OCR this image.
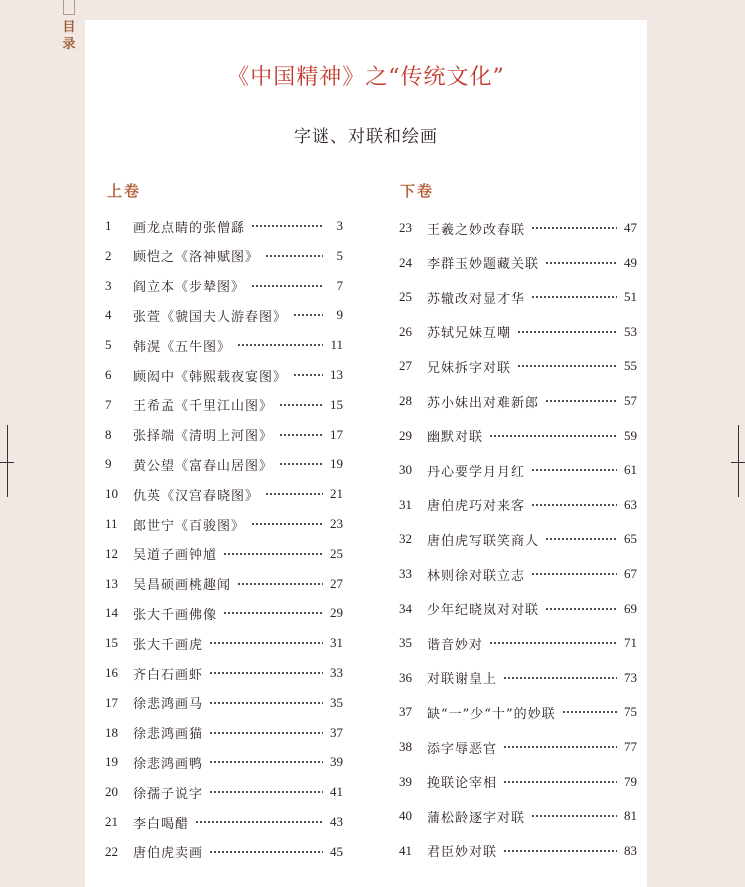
目录
《中国精神》之“传统文化”
字谜、对联和绘画
上卷	下卷
1	画龙点睛的张僧繇	3
2	顾恺之《洛神赋图》	5
3	阎立本《步辇图》	7
4	张萱《虢国夫人游春图》	9
5	韩滉《五牛图》	11
6	顾闳中《韩熙载夜宴图》	13
7	王希孟《千里江山图》	15
8	张择端《清明上河图》	17
9	黄公望《富春山居图》	19
10	仇英《汉宫春晓图》	21
11	郎世宁《百骏图》	23
12	吴道子画钟馗	25
13	吴昌硕画桃趣闻	27
14	张大千画佛像	29
15	张大千画虎	31
16	齐白石画虾	33
17	徐悲鸿画马	35
18	徐悲鸿画猫	37
19	徐悲鸿画鸭	39
20	徐孺子说字	41
21	李白喝醋	43
22	唐伯虎卖画	45
23	王羲之妙改春联	47
24	李群玉妙题藏关联	49
25	苏辙改对显才华	51
26	苏轼兄妹互嘲	53
27	兄妹拆字对联	55
28	苏小妹出对难新郎	57
29	幽默对联	59
30	丹心要学月月红	61
31	唐伯虎巧对来客	63
32	唐伯虎写联笑商人	65
33	林则徐对联立志	67
34	少年纪晓岚对对联	69
35	谐音妙对	71
36	对联谢皇上	73
37	缺“一”少“十”的妙联	75
38	添字辱恶官	77
39	挽联论宰相	79
40	蒲松龄逐字对联	81
41	君臣妙对联	83
